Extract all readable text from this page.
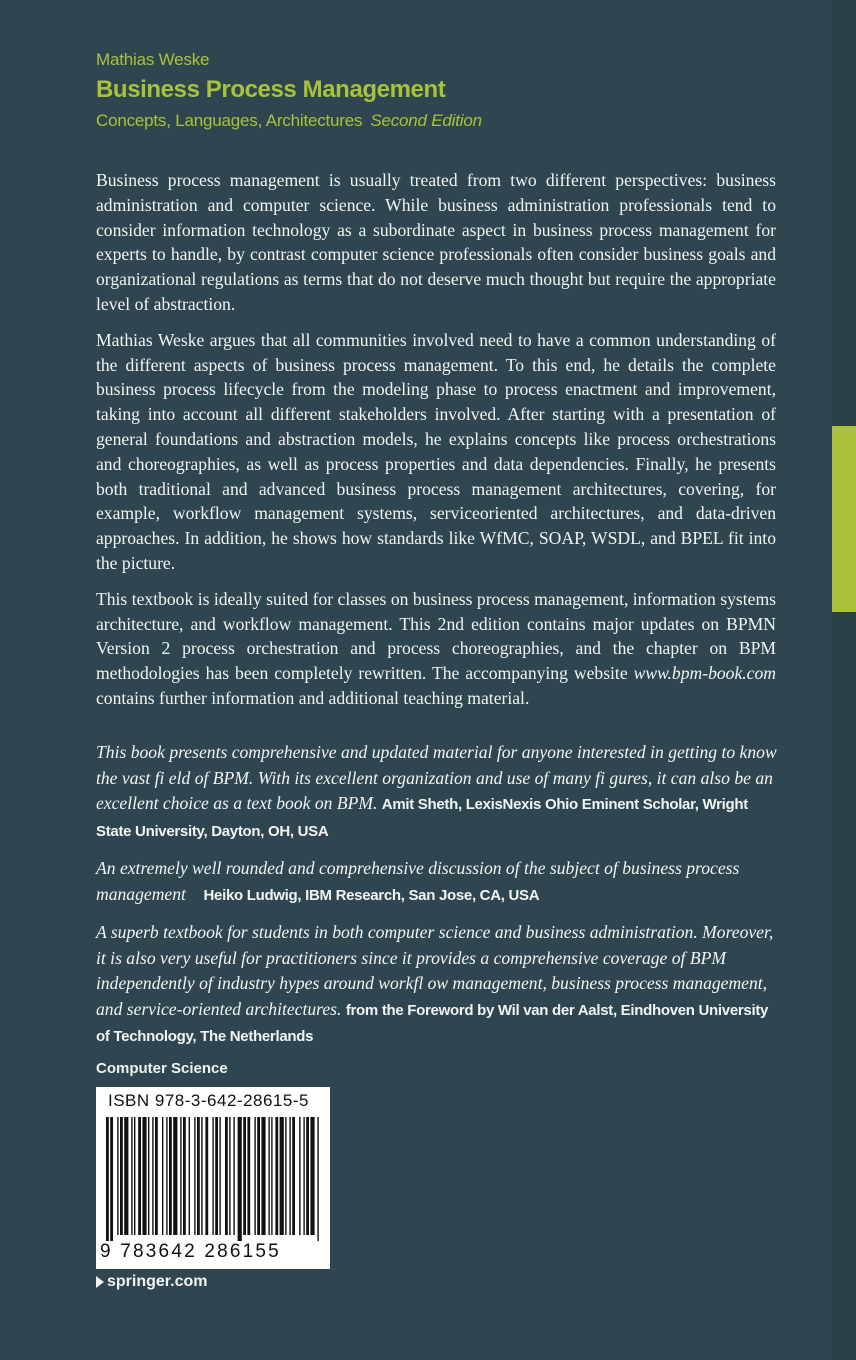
Mathias Weske
Business Process Management
Concepts, Languages, Architectures Second Edition

Business process management is usually treated from two different perspectives: business administration and computer science. While business administration professionals tend to consider information technology as a subordinate aspect in business process management for experts to handle, by contrast computer science professionals often consider business goals and organizational regulations as terms that do not deserve much thought but require the appropriate level of abstraction.

Mathias Weske argues that all communities involved need to have a common understanding of the different aspects of business process management. To this end, he details the complete business process lifecycle from the modeling phase to process enactment and improvement, taking into account all different stakeholders involved. After starting with a presentation of general foundations and abstraction models, he explains concepts like process orchestrations and choreographies, as well as process properties and data dependencies. Finally, he presents both traditional and advanced business process management architectures, covering, for example, workflow management systems, serviceoriented architectures, and data-driven approaches. In addition, he shows how standards like WfMC, SOAP, WSDL, and BPEL fit into the picture.

This textbook is ideally suited for classes on business process management, information systems architecture, and workflow management. This 2nd edition contains major updates on BPMN Version 2 process orchestration and process choreographies, and the chapter on BPM methodologies has been completely rewritten. The accompanying website www.bpm-book.com contains further information and additional teaching material.

This book presents comprehensive and updated material for anyone interested in getting to know the vast fi eld of BPM. With its excellent organization and use of many fi gures, it can also be an excellent choice as a text book on BPM. Amit Sheth, LexisNexis Ohio Eminent Scholar, Wright State University, Dayton, OH, USA
An extremely well rounded and comprehensive discussion of the subject of business process management Heiko Ludwig, IBM Research, San Jose, CA, USA
A superb textbook for students in both computer science and business administration. Moreover, it is also very useful for practitioners since it provides a comprehensive coverage of BPM independently of industry hypes around workfl ow management, business process management, and service-oriented architectures. from the Foreword by Wil van der Aalst, Eindhoven University of Technology, The Netherlands
Computer Science
ISBN 978-3-642-28615-5
9 783642 286155
springer.com
